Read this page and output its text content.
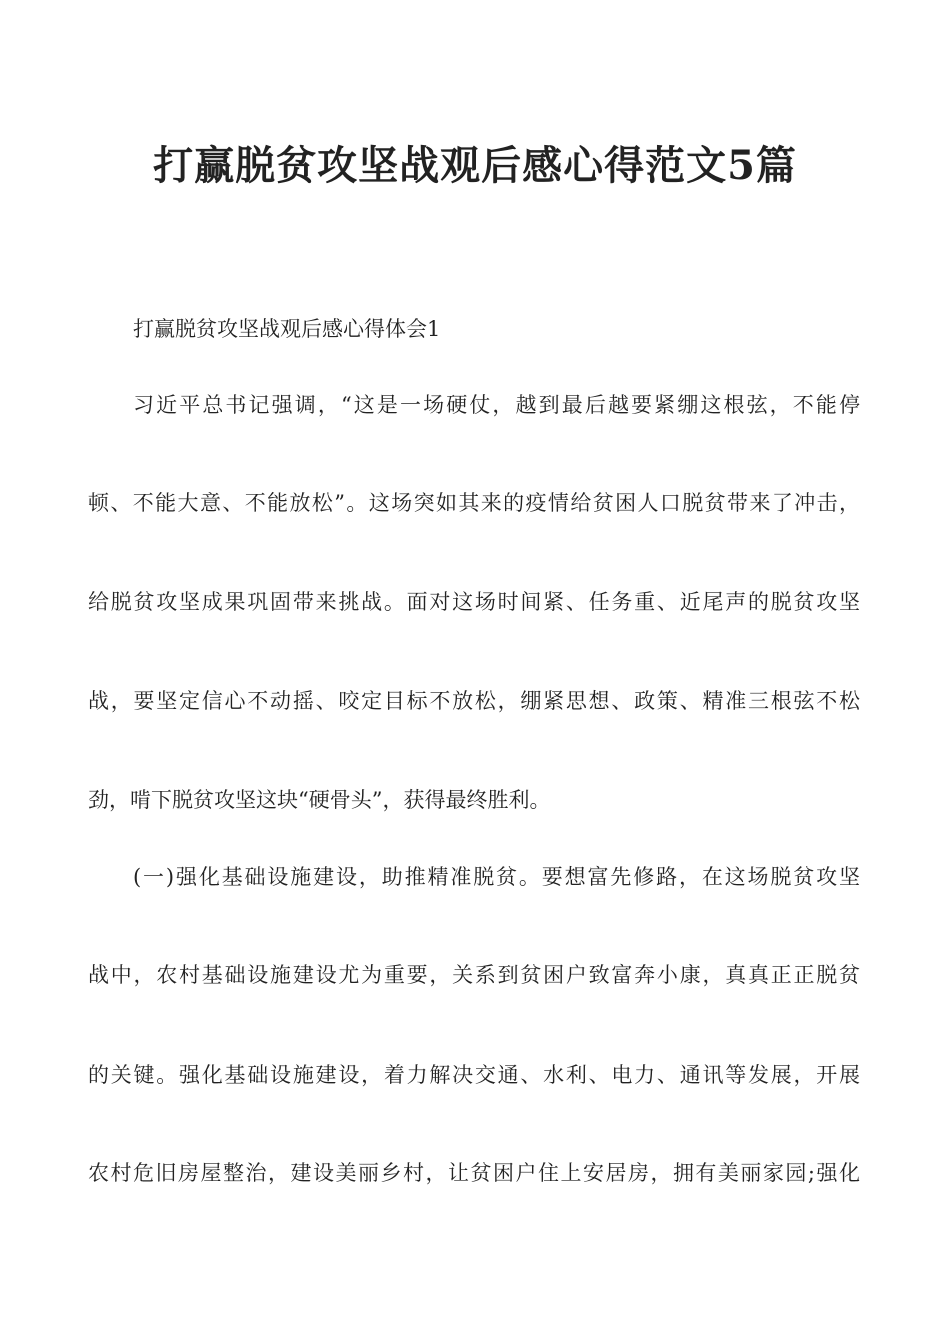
打赢脱贫攻坚战观后感心得范文5篇
打赢脱贫攻坚战观后感心得体会1
习近平总书记强调，“这是一场硬仗，越到最后越要紧绷这根弦，不能停
顿、不能大意、不能放松”。这场突如其来的疫情给贫困人口脱贫带来了冲击，
给脱贫攻坚成果巩固带来挑战。面对这场时间紧、任务重、近尾声的脱贫攻坚
战，要坚定信心不动摇、咬定目标不放松，绷紧思想、政策、精准三根弦不松
劲，啃下脱贫攻坚这块“硬骨头”，获得最终胜利。
(一)强化基础设施建设，助推精准脱贫。要想富先修路，在这场脱贫攻坚
战中，农村基础设施建设尤为重要，关系到贫困户致富奔小康，真真正正脱贫
的关键。强化基础设施建设，着力解决交通、水利、电力、通讯等发展，开展
农村危旧房屋整治，建设美丽乡村，让贫困户住上安居房，拥有美丽家园;强化
